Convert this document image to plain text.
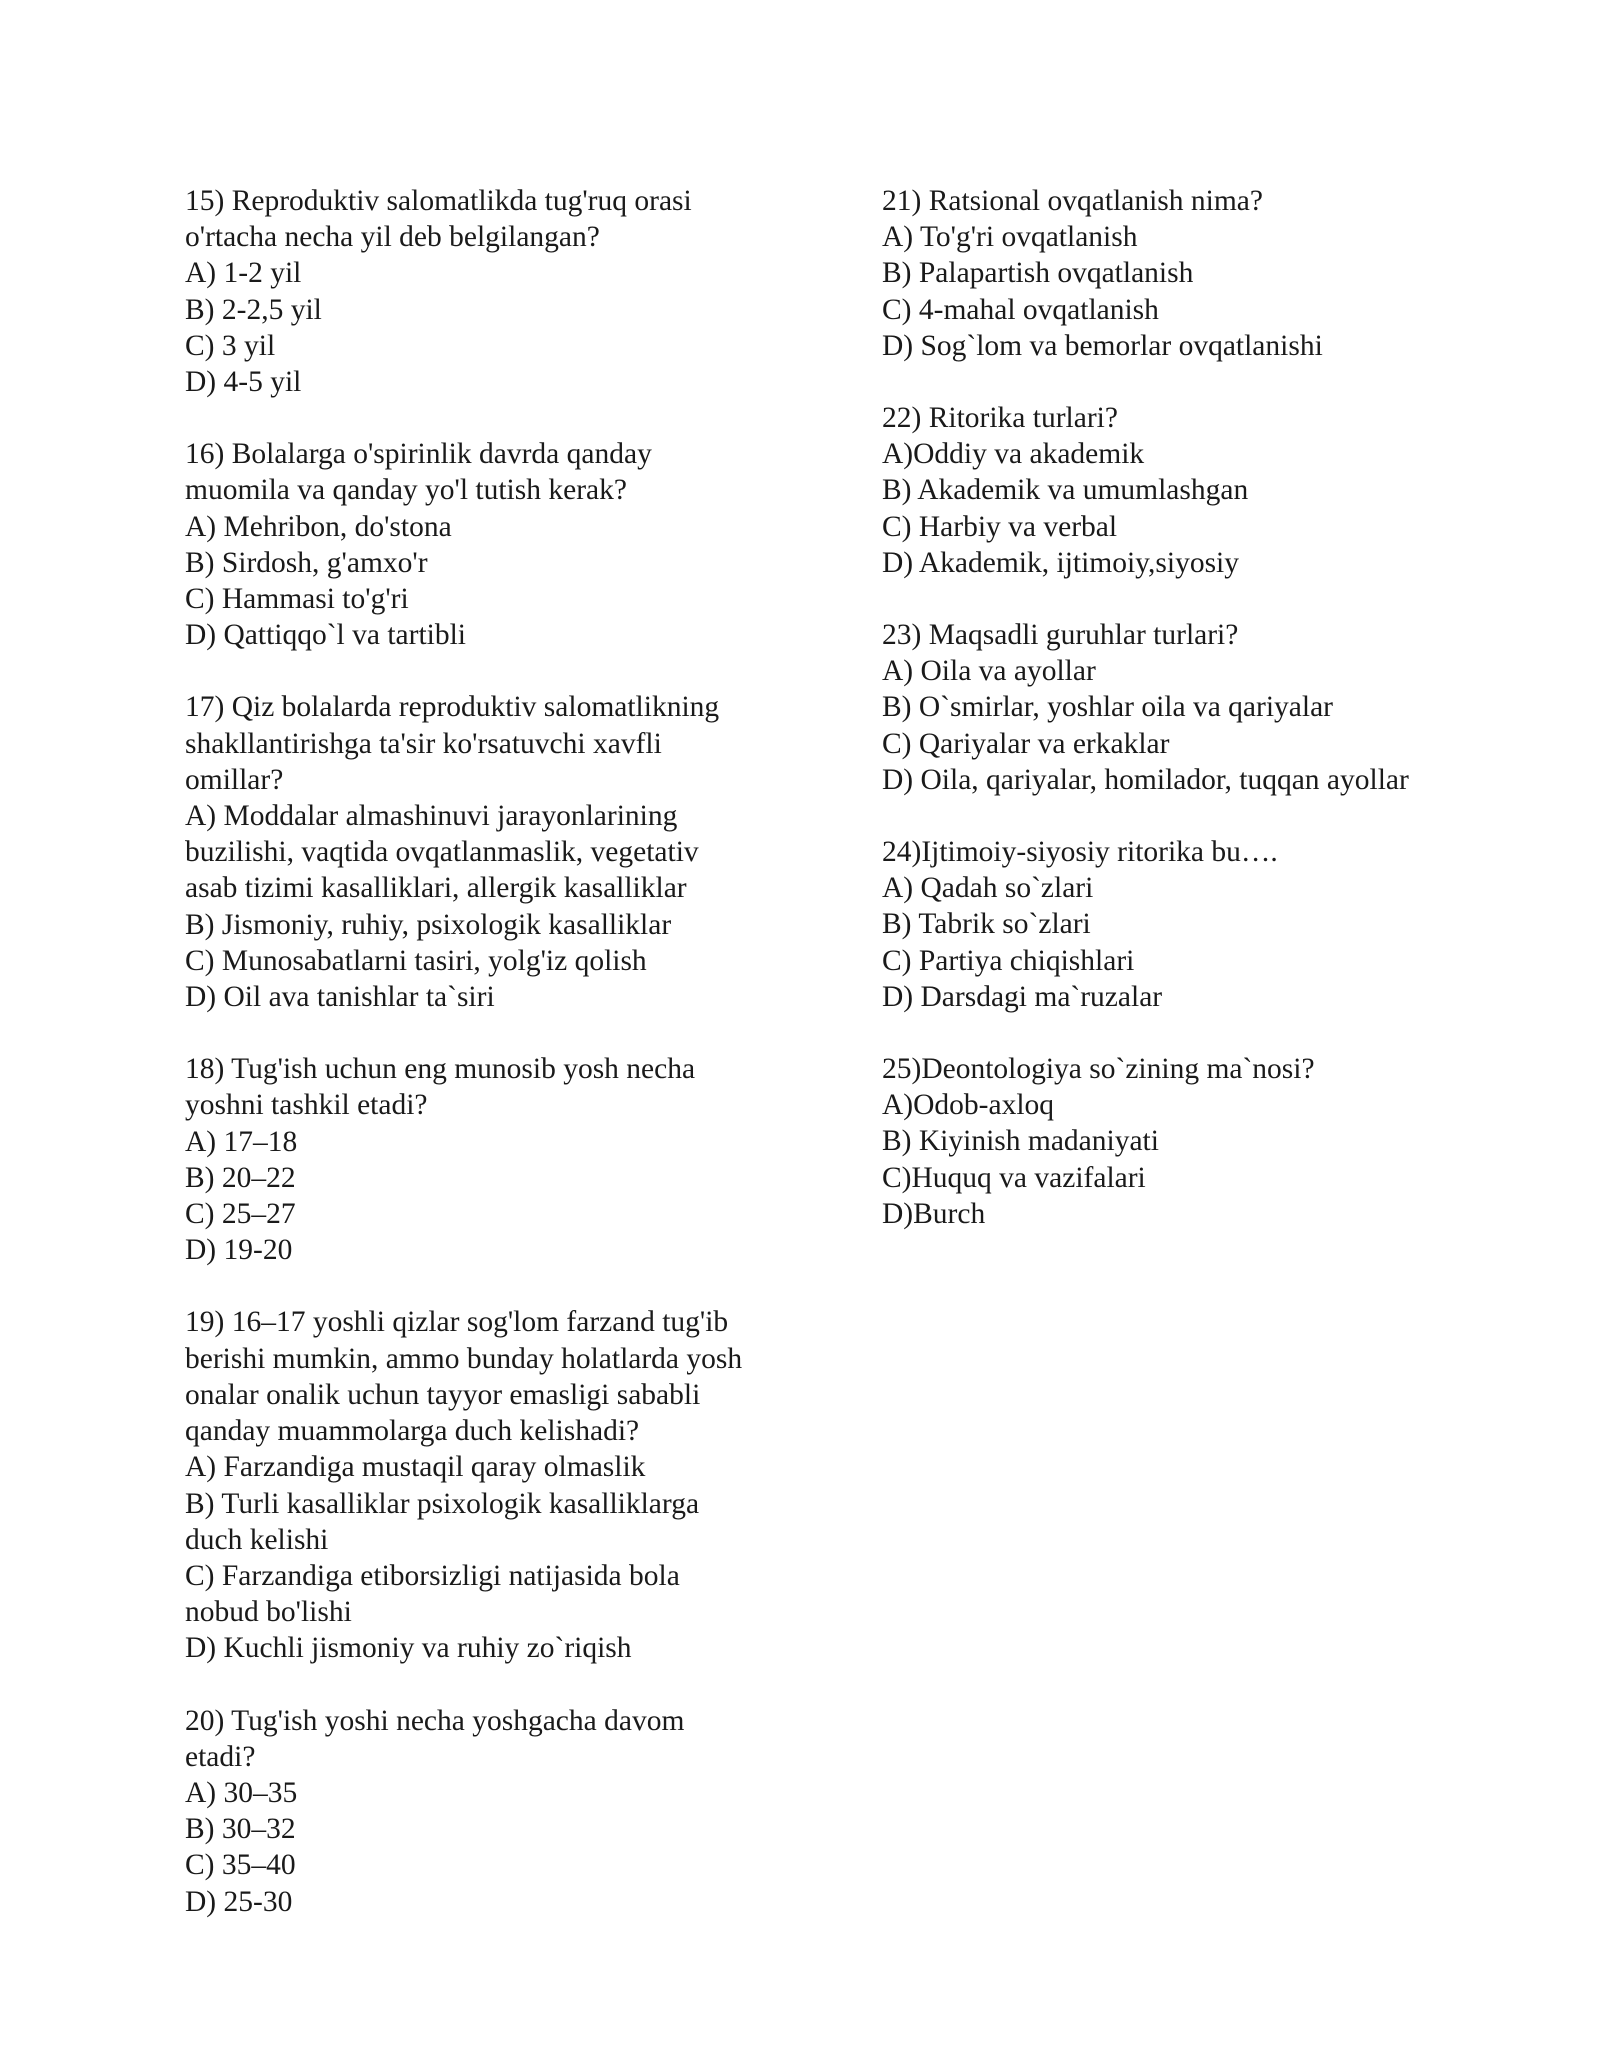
15) Reproduktiv salomatlikda tug'ruq orasi
o'rtacha necha yil deb belgilangan?
A) 1-2 yil
B) 2-2,5 yil
C) 3 yil
D) 4-5 yil
16) Bolalarga o'spirinlik davrda qanday
muomila va qanday yo'l tutish kerak?
A) Mehribon, do'stona
B) Sirdosh, g'amxo'r
C) Hammasi to'g'ri
D) Qattiqqo`l va tartibli
17) Qiz bolalarda reproduktiv salomatlikning
shakllantirishga ta'sir ko'rsatuvchi xavfli
omillar?
A) Moddalar almashinuvi jarayonlarining
buzilishi, vaqtida ovqatlanmaslik, vegetativ
asab tizimi kasalliklari, allergik kasalliklar
B) Jismoniy, ruhiy, psixologik kasalliklar
C) Munosabatlarni tasiri, yolg'iz qolish
D) Oil ava tanishlar ta`siri
18) Tug'ish uchun eng munosib yosh necha
yoshni tashkil etadi?
A) 17–18
B) 20–22
C) 25–27
D) 19-20
19) 16–17 yoshli qizlar sog'lom farzand tug'ib
berishi mumkin, ammo bunday holatlarda yosh
onalar onalik uchun tayyor emasligi sababli
qanday muammolarga duch kelishadi?
A) Farzandiga mustaqil qaray olmaslik
B) Turli kasalliklar psixologik kasalliklarga
duch kelishi
C) Farzandiga etiborsizligi natijasida bola
nobud bo'lishi
D) Kuchli jismoniy va ruhiy zo`riqish
20) Tug'ish yoshi necha yoshgacha davom
etadi?
A) 30–35
B) 30–32
C) 35–40
D) 25-30
21) Ratsional ovqatlanish nima?
A) To'g'ri ovqatlanish
B) Palapartish ovqatlanish
C) 4-mahal ovqatlanish
D) Sog`lom va bemorlar ovqatlanishi
22) Ritorika turlari?
A)Oddiy va akademik
B) Akademik va umumlashgan
C) Harbiy va verbal
D) Akademik, ijtimoiy,siyosiy
23) Maqsadli guruhlar turlari?
A) Oila va ayollar
B) O`smirlar, yoshlar oila va qariyalar
C) Qariyalar va erkaklar
D) Oila, qariyalar, homilador, tuqqan ayollar
24)Ijtimoiy-siyosiy ritorika bu….
A) Qadah so`zlari
B) Tabrik so`zlari
C) Partiya chiqishlari
D) Darsdagi ma`ruzalar
25)Deontologiya so`zining ma`nosi?
A)Odob-axloq
B) Kiyinish madaniyati
C)Huquq va vazifalari
D)Burch
